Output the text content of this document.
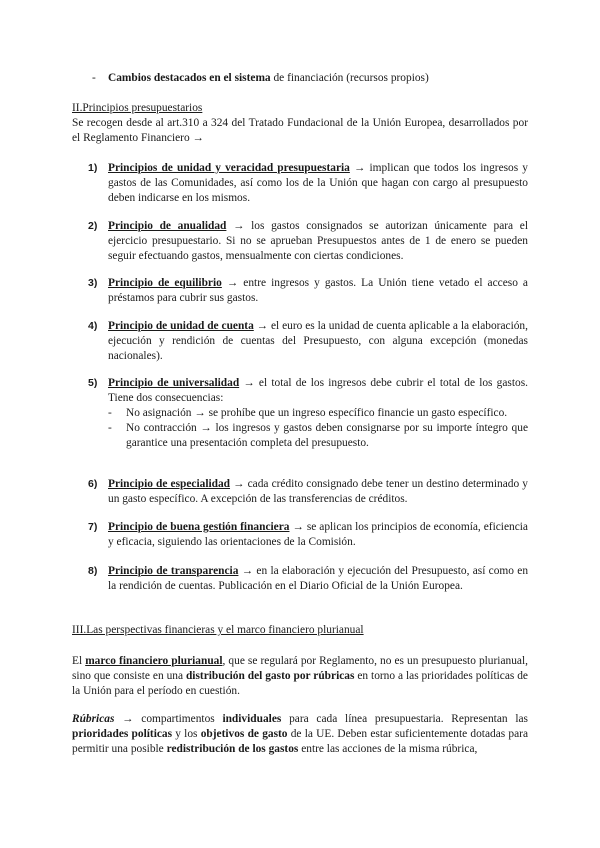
- Cambios destacados en el sistema de financiación (recursos propios)
II.Principios presupuestarios
Se recogen desde al art.310 a 324 del Tratado Fundacional de la Unión Europea, desarrollados por el Reglamento Financiero →
1) Principios de unidad y veracidad presupuestaria → implican que todos los ingresos y gastos de las Comunidades, así como los de la Unión que hagan con cargo al presupuesto deben indicarse en los mismos.
2) Principio de anualidad → los gastos consignados se autorizan únicamente para el ejercicio presupuestario. Si no se aprueban Presupuestos antes de 1 de enero se pueden seguir efectuando gastos, mensualmente con ciertas condiciones.
3) Principio de equilibrio → entre ingresos y gastos. La Unión tiene vetado el acceso a préstamos para cubrir sus gastos.
4) Principio de unidad de cuenta → el euro es la unidad de cuenta aplicable a la elaboración, ejecución y rendición de cuentas del Presupuesto, con alguna excepción (monedas nacionales).
5) Principio de universalidad → el total de los ingresos debe cubrir el total de los gastos. Tiene dos consecuencias:
- No asignación → se prohíbe que un ingreso específico financie un gasto específico.
- No contracción → los ingresos y gastos deben consignarse por su importe íntegro que garantice una presentación completa del presupuesto.
6) Principio de especialidad → cada crédito consignado debe tener un destino determinado y un gasto específico. A excepción de las transferencias de créditos.
7) Principio de buena gestión financiera → se aplican los principios de economía, eficiencia y eficacia, siguiendo las orientaciones de la Comisión.
8) Principio de transparencia → en la elaboración y ejecución del Presupuesto, así como en la rendición de cuentas. Publicación en el Diario Oficial de la Unión Europea.
III.Las perspectivas financieras y el marco financiero plurianual
El marco financiero plurianual, que se regulará por Reglamento, no es un presupuesto plurianual, sino que consiste en una distribución del gasto por rúbricas en torno a las prioridades políticas de la Unión para el período en cuestión.
Rúbricas → compartimentos individuales para cada línea presupuestaria. Representan las prioridades políticas y los objetivos de gasto de la UE. Deben estar suficientemente dotadas para permitir una posible redistribución de los gastos entre las acciones de la misma rúbrica,
